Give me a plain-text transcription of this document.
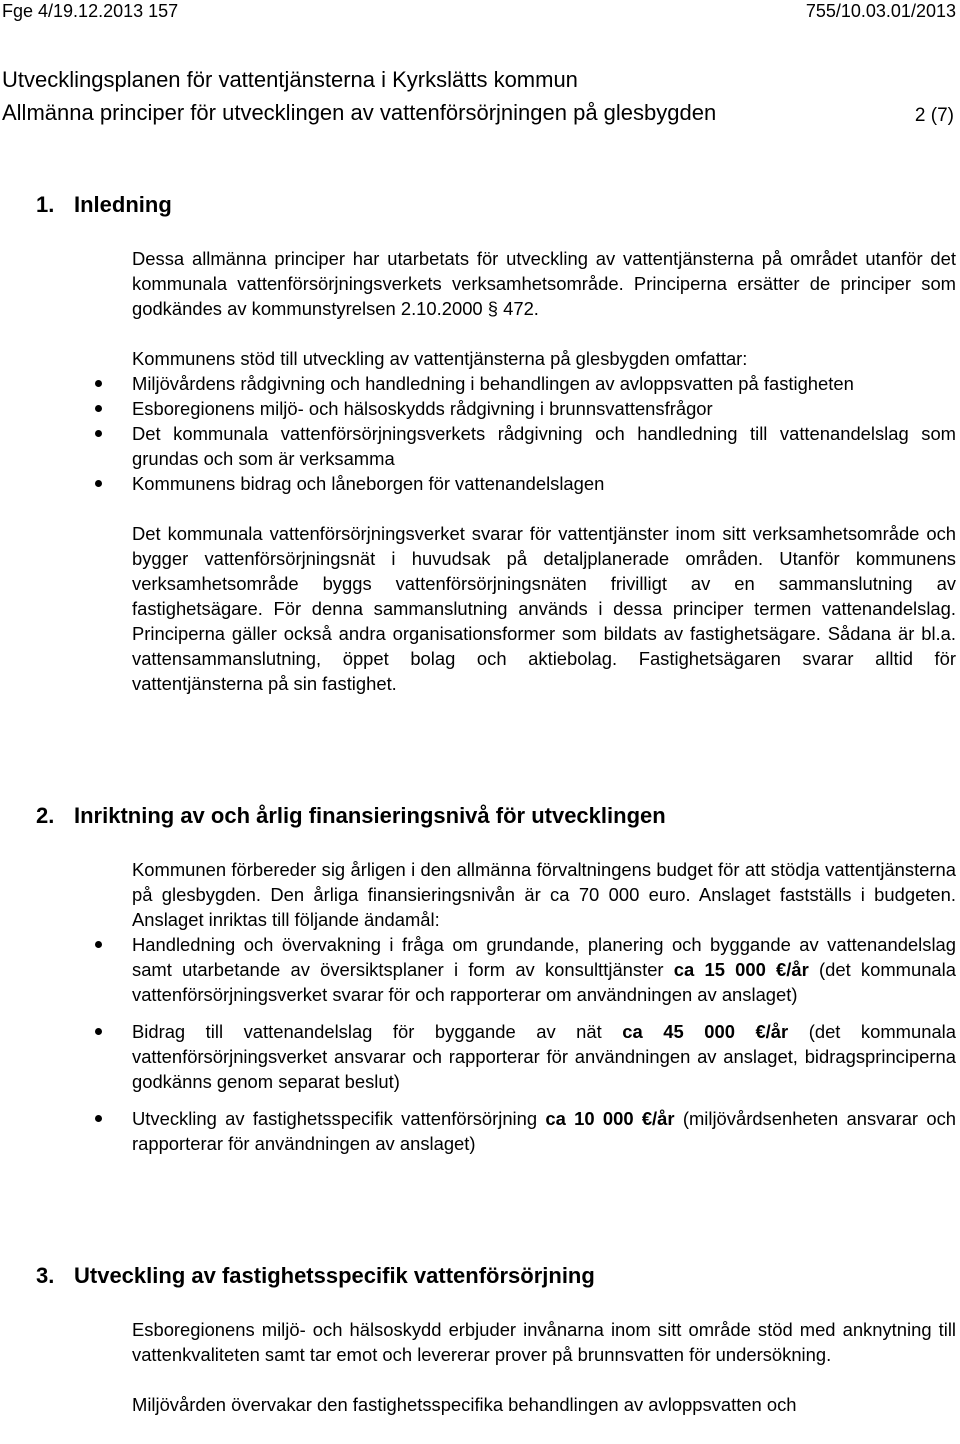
Fge 4/19.12.2013 157	755/10.03.01/2013
Utvecklingsplanen för vattentjänsterna i Kyrkslätts kommun
Allmänna principer för utvecklingen av vattenförsörjningen på glesbygden	2 (7)
1. Inledning

Dessa allmänna principer har utarbetats för utveckling av vattentjänsterna på området utanför det kommunala vattenförsörjningsverkets verksamhetsområde. Principerna ersätter de principer som godkändes av kommunstyrelsen 2.10.2000 § 472.

Kommunens stöd till utveckling av vattentjänsterna på glesbygden omfattar:

Miljövårdens rådgivning och handledning i behandlingen av avloppsvatten på fastigheten
Esboregionens miljö- och hälsoskydds rådgivning i brunnsvattensfrågor
Det kommunala vattenförsörjningsverkets rådgivning och handledning till vattenandelslag som grundas och som är verksamma
Kommunens bidrag och låneborgen för vattenandelslagen

Det kommunala vattenförsörjningsverket svarar för vattentjänster inom sitt verksamhetsområde och bygger vattenförsörjningsnät i huvudsak på detaljplanerade områden. Utanför kommunens verksamhetsområde byggs vattenförsörjningsnäten frivilligt av en sammanslutning av fastighetsägare. För denna sammanslutning används i dessa principer termen vattenandelslag. Principerna gäller också andra organisationsformer som bildats av fastighetsägare. Sådana är bl.a. vattensammanslutning, öppet bolag och aktiebolag. Fastighetsägaren svarar alltid för vattentjänsterna på sin fastighet.

2. Inriktning av och årlig finansieringsnivå för utvecklingen

Kommunen förbereder sig årligen i den allmänna förvaltningens budget för att stödja vattentjänsterna på glesbygden. Den årliga finansieringsnivån är ca 70 000 euro. Anslaget fastställs i budgeten. Anslaget inriktas till följande ändamål:

Handledning och övervakning i fråga om grundande, planering och byggande av vattenandelslag samt utarbetande av översiktsplaner i form av konsulttjänster ca 15 000 €/år (det kommunala vattenförsörjningsverket svarar för och rapporterar om användningen av anslaget)
Bidrag till vattenandelslag för byggande av nät ca 45 000 €/år (det kommunala vattenförsörjningsverket ansvarar och rapporterar för användningen av anslaget, bidragsprinciperna godkänns genom separat beslut)
Utveckling av fastighetsspecifik vattenförsörjning ca 10 000 €/år (miljövårdsenheten ansvarar och rapporterar för användningen av anslaget)
3. Utveckling av fastighetsspecifik vattenförsörjning

Esboregionens miljö- och hälsoskydd erbjuder invånarna inom sitt område stöd med anknytning till vattenkvaliteten samt tar emot och levererar prover på brunnsvatten för undersökning.

Miljövården övervakar den fastighetsspecifika behandlingen av avloppsvatten och
